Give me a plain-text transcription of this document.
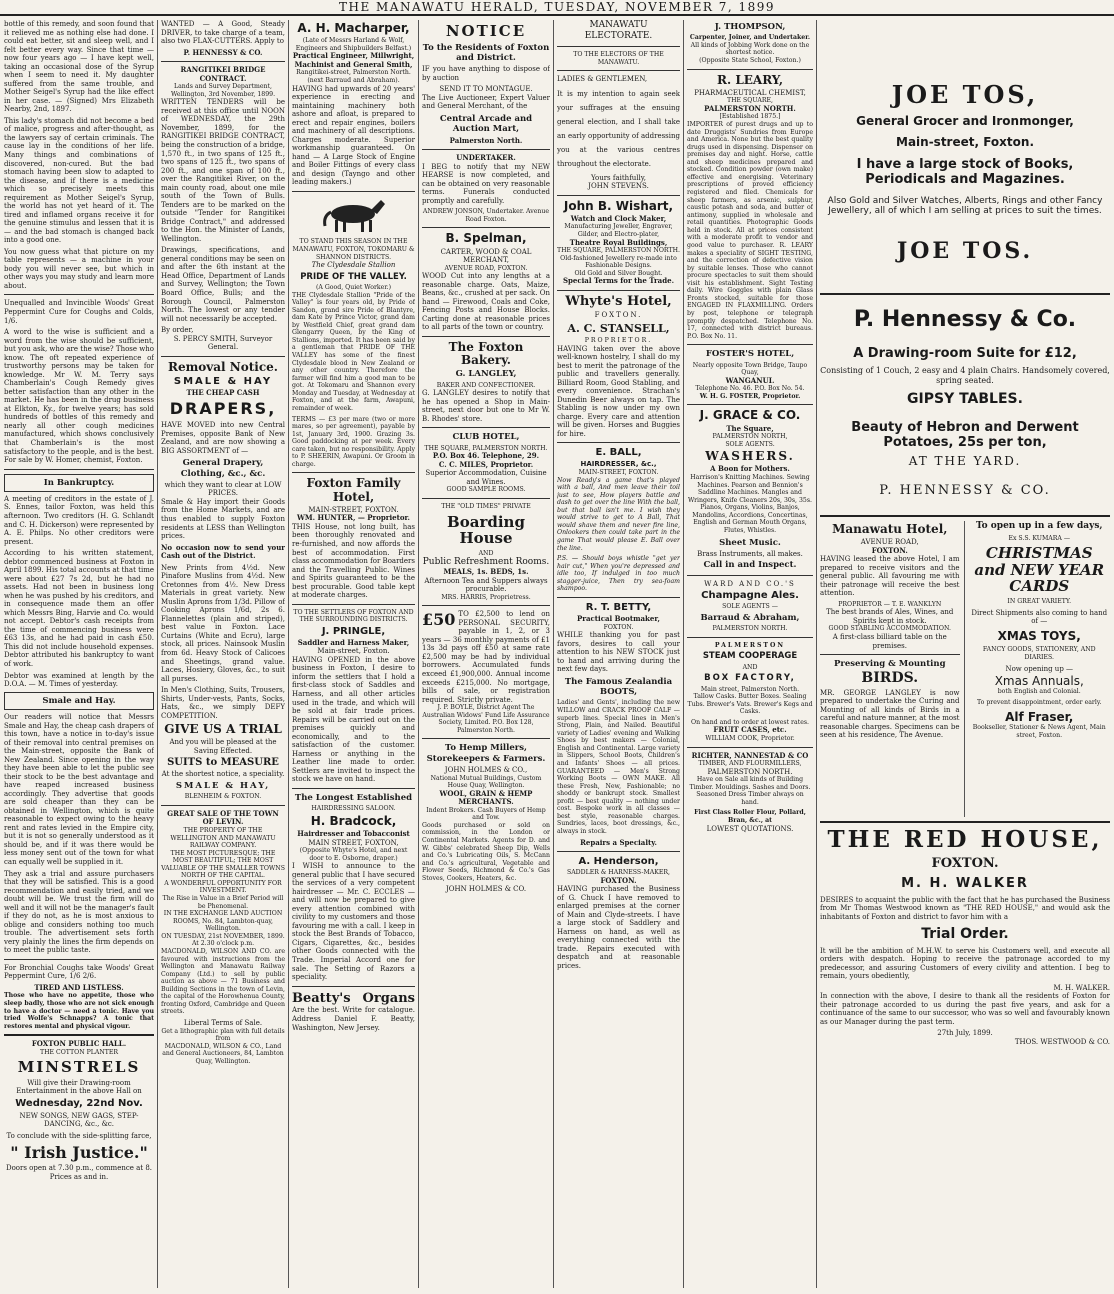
THE MANAWATU HERALD, TUESDAY, NOVEMBER 7, 1899

bottle of this remedy, and soon found that it relieved me as nothing else had done. I could eat better, sit and sleep well, and I felt better every way. Since that time — now four years ago — I have kept well, taking an occasional dose of the Syrup when I seem to need it. My daughter suffered from the same trouble, and Mother Seigel's Syrup had the like effect in her case. — (Signed) Mrs Elizabeth Nearby, 2nd, 1897.

This lady's stomach did not become a bed of malice, progress and after-thought, as the lawyers say of certain criminals. The cause lay in the conditions of her life. Many things and combinations of discovered, non-cured. But the bad stomach having been slow to adapted to the disease, and if there is a medicine which so precisely meets this requirement as Mother Seigel's Syrup, the world has not yet heard of it. The tired and inflamed organs receive it for the genuine stimulus and lessen that it is — and the bad stomach is changed back into a good one.

You now guess what that picture on my table represents — a machine in your body you will never see, but which in other ways you may study and learn more about.

Unequalled and Invincible Woods' Great Peppermint Cure for Coughs and Colds, 1/6.

A word to the wise is sufficient and a word from the wise should be sufficient, but you ask, who are the wise? Those who know. The oft repeated experience of trustworthy persons may be taken for knowledge. Mr W. M. Terry says Chamberlain's Cough Remedy gives better satisfaction than any other in the market. He has been in the drug business at Elkton, Ky., for twelve years; has sold hundreds of bottles of this remedy and nearly all other cough medicines manufactured, which shows conclusively that Chamberlain's is the most satisfactory to the people, and is the best. For sale by W. Homer, chemist, Foxton.

In Bankruptcy.

A meeting of creditors in the estate of J. S. Ennes, tailor Foxton, was held this afternoon. Two creditors (H. G. Schlandt and C. H. Dickerson) were represented by A. E. Philps. No other creditors were present.

According to his written statement, debtor commenced business at Foxton in April 1899. His total accounts at that time were about £27 7s 2d, but he had no assets. Had not been in business long when he was pushed by his creditors, and in consequence made them an offer which Messrs Bing, Harvie and Co. would not accept. Debtor's cash receipts from the time of commencing business were £63 13s, and he had paid in cash £50. This did not include household expenses. Debtor attributed his bankruptcy to want of work.

Debtor was examined at length by the D.O.A. — M. Times of yesterday.

Smale and Hay.

Our readers will notice that Messrs Smale and Hay, the cheap cash drapers of this town, have a notice in to-day's issue of their removal into central premises on the Main-street, opposite the Bank of New Zealand. Since opening in the way they have been able to let the public see their stock to be the best advantage and have reaped increased business accordingly. They advertise that goods are sold cheaper than they can be obtained in Wellington, which is quite reasonable to expect owing to the heavy rent and rates levied in the Empire city, but it is not so generally understood as it should be, and if it was there would be less money sent out of the town for what can equally well be supplied in it.

They ask a trial and assure purchasers that they will be satisfied. This is a good recommendation and easily tried, and we doubt will be. We trust the firm will do well and it will not be the manager's fault if they do not, as he is most anxious to oblige and considers nothing too much trouble. The advertisement sets forth very plainly the lines the firm depends on to meet the public taste.

For Bronchial Coughs take Woods' Great Peppermint Cure, 1/6 2/6.

TIRED AND LISTLESS.

Those who have no appetite, those who sleep badly, those who are not sick enough to have a doctor — need a tonic. Have you tried Wolfe's Schnapps? A tonic that restores mental and physical vigour.

FOXTON PUBLIC HALL.
THE COTTON PLANTER
MINSTRELS
Will give their Drawing-room Entertainment in the above Hall on
Wednesday, 22nd Nov.
NEW SONGS, NEW GAGS, STEP-DANCING, &c., &c.
To conclude with the side-splitting farce,
" Irish Justice."
Doors open at 7.30 p.m., commence at 8. Prices as and in.

WANTED — A Good, Steady DRIVER, to take charge of a team, also two FLAX-CUTTERS. Apply to

P. HENNESSY & CO.
RANGITIKEI BRIDGE CONTRACT.
Lands and Survey Department, Wellington, 3rd November, 1899.

WRITTEN TENDERS will be received at this office until NOON of WEDNESDAY, the 29th November, 1899, for the RANGITIKEI BRIDGE CONTRACT, being the construction of a bridge, 1,570 ft., in two spans of 125 ft., two spans of 125 ft., two spans of 200 ft., and one span of 100 ft., over the Rangitikei River, on the main county road, about one mile south of the Town of Bulls. Tenders are to be marked on the outside "Tender for Rangitikei Bridge Contract," and addressed to the Hon. the Minister of Lands, Wellington.

Drawings, specifications, and general conditions may be seen on and after the 6th instant at the Head Office, Department of Lands and Survey, Wellington; the Town Board Office, Bulls; and the Borough Council, Palmerston North. The lowest or any tender will not necessarily be accepted.

By order,
S. PERCY SMITH, Surveyor General.
Removal Notice.
SMALE & HAY
THE CHEAP CASH
DRAPERS,

HAVE MOVED into new Central Premises, opposite Bank of New Zealand, and are now showing a BIG ASSORTMENT of —

General Drapery, Clothing, &c., &c.
which they want to clear at LOW PRICES.

Smale & Hay import their Goods from the Home Markets, and are thus enabled to supply Foxton residents at LESS than Wellington prices.

No occasion now to send your Cash out of the District.

New Prints from 4½d. New Pinafore Muslins from 4½d. New Cretonnes from 4½. New Dress Materials in great variety. New Muslin Aprons from 1/3d. Pillow of Cooking Aprons 1/6d, 2s 6. Flannelettes (plain and striped), best value in Foxton. Lace Curtains (White and Ecru), large stock, all prices. Nainsook Muslin from 6d. Heavy Stock of Calicoes and Sheetings, grand value. Laces, Hosiery, Gloves, &c., to suit all purses.

In Men's Clothing, Suits, Trousers, Shirts, Under-vests, Pants, Socks, Hats, &c., we simply DEFY COMPETITION.

GIVE US A TRIAL
And you will be pleased at the Saving Effected.
SUITS to MEASURE
At the shortest notice, a speciality.
SMALE & HAY,
BLENHEIM & FOXTON.
GREAT SALE OF THE TOWN OF LEVIN.
THE PROPERTY OF THE WELLINGTON AND MANAWATU RAILWAY COMPANY.
THE MOST PICTURESQUE; THE MOST BEAUTIFUL; THE MOST VALUABLE OF THE SMALLER TOWNS NORTH OF THE CAPITAL.
A WONDERFUL OPPORTUNITY FOR INVESTMENT.
The Rise in Value in a Brief Period will be Phenomenal.
IN THE EXCHANGE LAND AUCTION ROOMS, No. 84, Lambton-quay, Wellington.
ON TUESDAY, 21st NOVEMBER, 1899. At 2.30 o'clock p.m.

MACDONALD, WILSON AND CO. are favoured with instructions from the Wellington and Manawatu Railway Company (Ltd.) to sell by public auction as above — 71 Business and Building Sections in the town of Levin, the capital of the Horowhenua County, fronting Oxford, Cambridge and Queen streets.

Liberal Terms of Sale.
Get a lithographic plan with full details from
MACDONALD, WILSON & CO., Land and General Auctioneers, 84, Lambton Quay, Wellington.
A. H. Macharper,
(Late of Messrs Harland & Wolf, Engineers and Shipbuilders Belfast.)
Practical Engineer, Millwright, Machinist and General Smith,
Rangitikei-street, Palmerston North. (next Barraud and Abraham).

HAVING had upwards of 20 years' experience in erecting and maintaining machinery both ashore and afloat, is prepared to erect and repair engines, boilers and machinery of all descriptions. Charges moderate. Superior workmanship guaranteed. On hand — A Large Stock of Engine and Boiler Fittings of every class and design (Tayngo and other leading makers.)

TO STAND THIS SEASON IN THE MANAWATU, FOXTON, TOKOMARU & SHANNON DISTRICTS.
The Clydesdale Stallion
PRIDE OF THE VALLEY.
(A Good, Quiet Worker.)

THE Clydesdale Stallion "Pride of the Valley" is four years old, by Pride of Sandon, grand sire Pride of Blantyre, dam Kate by Prince Victor, grand dam by Westfield Chief, great grand dam Glengarry Queen, by the King of Stallions, imported. It has been said by a gentleman that PRIDE OF THE VALLEY has some of the finest Clydesdale blood in New Zealand or any other country. Therefore the farmer will find him a good man to be got. At Tokomaru and Shannon every Monday and Tuesday, at Wednesday at Foxton, and at the farm, Awapuni, remainder of week.

TERMS — £3 per mare (two or more mares, so per agreement), payable by 1st, January 3rd, 1900. Grazing 3s. Good paddocking at per week. Every care taken, but no responsibility. Apply to P. SHEERIN, Awapuni. Or Groom in charge.

Foxton Family Hotel,
MAIN-STREET, FOXTON.
WM. HUNTER, — Proprietor.

THIS House, not long built, has been thoroughly renovated and re-furnished, and now affords the best of accommodation. First class accommodation for Boarders and the Travelling Public. Wines and Spirits guaranteed to be the best procurable. Good table kept at moderate charges.

TO THE SETTLERS OF FOXTON AND THE SURROUNDING DISTRICTS.
J. PRINGLE,
Saddler and Harness Maker,
Main-street, Foxton.

HAVING OPENED in the above business in Foxton, I desire to inform the settlers that I hold a first-class stock of Saddles and Harness, and all other articles used in the trade, and which will be sold at fair trade prices. Repairs will be carried out on the premises quickly and economically, and to the satisfaction of the customer. Harness or anything in the Leather line made to order. Settlers are invited to inspect the stock we have on hand.

The Longest Established
HAIRDRESSING SALOON.
H. Bradcock,
Hairdresser and Tobacconist
MAIN STREET, FOXTON,
(Opposite Whyte's Hotel, and next door to E. Osborne, draper.)

I WISH to announce to the general public that I have secured the services of a very competent hairdresser — Mr. C. ECCLES — and will now be prepared to give every attention combined with civility to my customers and those favouring me with a call. I keep in stock the Best Brands of Tobacco, Cigars, Cigarettes, &c., besides other Goods connected with the Trade. Imperial Accord one for sale. The Setting of Razors a speciality.

Beatty's Organs Are the best. Write for catalogue. Address Daniel F. Beatty, Washington, New Jersey.
NOTICE
To the Residents of Foxton and District.

IF you have anything to dispose of by auction

SEND IT TO MONTAGUE.

The Live Auctioneer, Expert Valuer and General Merchant, of the

Central Arcade and Auction Mart,
Palmerston North.
UNDERTAKER.

I BEG to notify that my NEW HEARSE is now completed, and can be obtained on very reasonable terms. Funerals conducted promptly and carefully.

ANDREW JONSON, Undertaker. Avenue Road Foxton.
B. Spelman,
CARTER, WOOD & COAL MERCHANT,
AVENUE ROAD, FOXTON.

WOOD Cut into any lengths at a reasonable charge. Oats, Maize, Beans, &c., crushed at per sack. On hand — Firewood, Coals and Coke, Fencing Posts and House Blocks. Carting done at reasonable prices to all parts of the town or country.

The Foxton Bakery.
G. LANGLEY,
BAKER AND CONFECTIONER.

G. LANGLEY desires to notify that he has opened a Shop in Main-street, next door but one to Mr W. B. Rhodes' store.

CLUB HOTEL,
THE SQUARE, PALMERSTON NORTH.
P.O. Box 46. Telephone, 29.
C. C. MILES, Proprietor.
Superior Accommodation, Cuisine and Wines.
GOOD SAMPLE ROOMS.
THE "OLD TIMES" PRIVATE
Boarding House
AND
Public Refreshment Rooms.
MEALS, 1s. BEDS, 1s.
Afternoon Tea and Suppers always procurable.
MRS. HARRIS, Proprietress.
£50 TO £2,500 to lend on PERSONAL SECURITY, payable in 1, 2, or 3 years — 36 monthly payments of £1 13s 3d pays off £50 at same rate £2,500 may be had by individual borrowers. Accumulated funds exceed £1,900,000. Annual income exceeds £215,000. No mortgage, bills of sale, or registration required. Strictly private.
J. P. BOYLE, District Agent The Australian Widows' Fund Life Assurance Society, Limited. P.O. Box 128, Palmerston North.
To Hemp Millers, Storekeepers & Farmers.
JOHN HOLMES & CO.,
National Mutual Buildings, Custom House Quay, Wellington.
WOOL, GRAIN & HEMP MERCHANTS.
Indent Brokers. Cash Buyers of Hemp and Tow.

Goods purchased or sold on commission, in the London or Continental Markets. Agents for D. and W. Gibbs' celebrated Sheep Dip, Wells and Co.'s Lubricating Oils, S. McCann and Co.'s agricultural, Vegetable and Flower Seeds, Richmond & Co.'s Gas Stoves, Cookers, Heaters, &c.

JOHN HOLMES & CO.
MANAWATU ELECTORATE.
TO THE ELECTORS OF THE MANAWATU.

LADIES & GENTLEMEN,

It is my intention to again seek your suffrages at the ensuing general election, and I shall take an early opportunity of addressing you at the various centres throughout the electorate.

Yours faithfully,
JOHN STEVENS.
John B. Wishart,
Watch and Clock Maker,
Manufacturing Jeweller, Engraver, Gilder, and Electro-plater,
Theatre Royal Buildings,
THE SQUARE, PALMERSTON NORTH.
Old-fashioned Jewellery re-made into Fashionable Designs.
Old Gold and Silver Bought.
Special Terms for the Trade.
Whyte's Hotel,
FOXTON.
A. C. STANSELL,
PROPRIETOR.

HAVING taken over the above well-known hostelry, I shall do my best to merit the patronage of the public and travellers generally. Billiard Room, Good Stabling, and every convenience. Strachan's Dunedin Beer always on tap. The Stabling is now under my own charge. Every care and attention will be given. Horses and Buggies for hire.

E. BALL,
HAIRDRESSER, &c.,
MAIN-STREET, FOXTON.

Now Ready's a game that's played with a ball, And men leave their toil just to see, How players battle and dash to get over the line With the ball, but that ball isn't me. I wish they would strive to get to A Ball, That would shave them and never fire line, Onlookers then could take part in the game That would please E. Ball over the line.

P.S. — Should boys whistle "get yer hair cut," When you're depressed and idle too, If indulged in too much stagger-juice, Then try sea-foam shampoo.

R. T. BETTY,
Practical Bootmaker,
FOXTON.

WHILE thanking you for past favors, desires to call your attention to his NEW STOCK just to hand and arriving during the next few days.

The Famous Zealandia BOOTS,

Ladies' and Gents', including the new WILLOW and CRACK PROOF CALF — superb lines. Special lines in Men's Strong, Plain, and Nailed. Beautiful variety of Ladies' evening and Walking Shoes by best makers — Colonial, English and Continental. Large variety in Slippers, School Boots, Children's and Infants' Shoes — all prices. GUARANTEED — Men's Strong Working Boots — OWN MAKE. All these Fresh, New, Fashionable; no shoddy or bankrupt stock. Smallest profit — best quality — nothing under cost. Bespoke work in all classes — best style, reasonable charges. Sundries, laces, boot dressings, &c., always in stock.

Repairs a Specialty.
A. Henderson,
SADDLER & HARNESS-MAKER,
FOXTON.

HAVING purchased the Business of G. Chuck I have removed to enlarged premises at the corner of Main and Clyde-streets. I have a large stock of Saddlery and Harness on hand, as well as everything connected with the trade. Repairs executed with despatch and at reasonable prices.

J. THOMPSON,
Carpenter, Joiner, and Undertaker.
All kinds of Jobbing Work done on the shortest notice.
(Opposite State School, Foxton.)
R. LEARY,
PHARMACEUTICAL CHEMIST,
THE SQUARE,
PALMERSTON NORTH.
[Established 1875.]

IMPORTER of purest drugs and up to date Druggists' Sundries from Europe and America. None but the best quality drugs used in dispensing. Dispenser on premises day and night. Horse, cattle and sheep medicines prepared and stocked. Condition powder (own make) effective and energising. Veterinary prescriptions of proved efficiency registered and filed. Chemicals for sheep farmers, as arsenic, sulphur, caustic potash and soda, and butter of antimony, supplied in wholesale and retail quantities. Photographic Goods held in stock. All at prices consistent with a moderate profit to vendor and good value to purchaser. R. LEARY makes a speciality of SIGHT TESTING, and the correction of defective vision by suitable lenses. Those who cannot procure spectacles to suit them should visit his establishment. Sight Testing daily. Wire Goggles with plain Glass Fronts stocked, suitable for those ENGAGED IN FLAXMILLING. Orders by post, telephone or telegraph promptly despatched. Telephone No. 17, connected with district bureaus. P.O. Box No. 11.

FOSTER'S HOTEL,
Nearly opposite Town Bridge, Taupo Quay,
WANGANUI.
Telephone No. 46. P.O. Box No. 54.
W. H. G. FOSTER, Proprietor.
J. GRACE & CO.
The Square,
PALMERSTON NORTH,
SOLE AGENTS.
WASHERS.
A Boon for Mothers.

Harrison's Knitting Machines. Sewing Machines. Pearson and Bennion's Saddline Machines. Mangles and Wringers, Knife Cleaners 20s, 30s, 35s. Pianos, Organs, Violins, Banjos, Mandolins, Accordions, Concertinas, English and German Mouth Organs, Flutes, Whistles.

Sheet Music.
Brass Instruments, all makes.
Call in and Inspect.
WARD AND CO.'S
Champagne Ales.
SOLE AGENTS —
Barraud & Abraham,
PALMERSTON NORTH.
PALMERSTON
STEAM COOPERAGE
AND
BOX FACTORY,
Main street, Palmerston North.

Tallow Casks. Butter Boxes. Sealing Tubs. Brewer's Vats. Brewer's Kegs and Casks.

On hand and to order at lowest rates.
FRUIT CASES, etc.
WILLIAM COOK, Proprietor.
RICHTER, NANNESTAD & CO
TIMBER, AND FLOURMILLERS,
PALMERSTON NORTH.

Have on Sale all kinds of Building Timber. Mouldings. Sashes and Doors. Seasoned Dress Timber always on hand.

First Class Roller Flour, Pollard, Bran, &c., at
LOWEST QUOTATIONS.
JOE TOS,
General Grocer and Ironmonger,
Main-street, Foxton.
I have a large stock of Books, Periodicals and Magazines.
Also Gold and Silver Watches, Alberts, Rings and other Fancy Jewellery, all of which I am selling at prices to suit the times.
JOE TOS.
P. Hennessy & Co.
A Drawing-room Suite for £12,
Consisting of 1 Couch, 2 easy and 4 plain Chairs. Handsomely covered, spring seated.
GIPSY TABLES.
Beauty of Hebron and Derwent Potatoes, 25s per ton,
AT THE YARD.
P. HENNESSY & CO.
Manawatu Hotel,
AVENUE ROAD,
FOXTON.

HAVING leased the above Hotel, I am prepared to receive visitors and the general public. All favouring me with their patronage will receive the best attention.

PROPRIETOR — T. E. WANKLYN
The best brands of Ales, Wines, and Spirits kept in stock.
GOOD STABLING ACCOMMODATION.
A first-class billiard table on the premises.
Preserving & Mounting
BIRDS.

MR. GEORGE LANGLEY is now prepared to undertake the Curing and Mounting of all kinds of Birds in a careful and nature manner, at the most reasonable charges. Specimens can be seen at his residence, The Avenue.

To open up in a few days,
Ex S.S. KUMARA —
CHRISTMAS and NEW YEAR CARDS
IN GREAT VARIETY.
Direct Shipments also coming to hand of —
XMAS TOYS,
FANCY GOODS, STATIONERY, AND DIARIES.
Now opening up —
Xmas Annuals,
both English and Colonial.
To prevent disappointment, order early.
Alf Fraser,
Bookseller, Stationer & News Agent, Main street, Foxton.
THE RED HOUSE,
FOXTON.
M. H. WALKER

DESIRES to acquaint the public with the fact that he has purchased the Business from Mr Thomas Westwood known as "THE RED HOUSE," and would ask the inhabitants of Foxton and district to favor him with a

Trial Order.

It will be the ambition of M.H.W. to serve his Customers well, and execute all orders with despatch. Hoping to receive the patronage accorded to my predecessor, and assuring Customers of every civility and attention. I beg to remain, yours obediently,

M. H. WALKER.

In connection with the above, I desire to thank all the residents of Foxton for their patronage accorded to us during the past five years, and ask for a continuance of the same to our successor, who was so well and favourably known as our Manager during the past term.

27th July, 1899.
THOS. WESTWOOD & CO.
